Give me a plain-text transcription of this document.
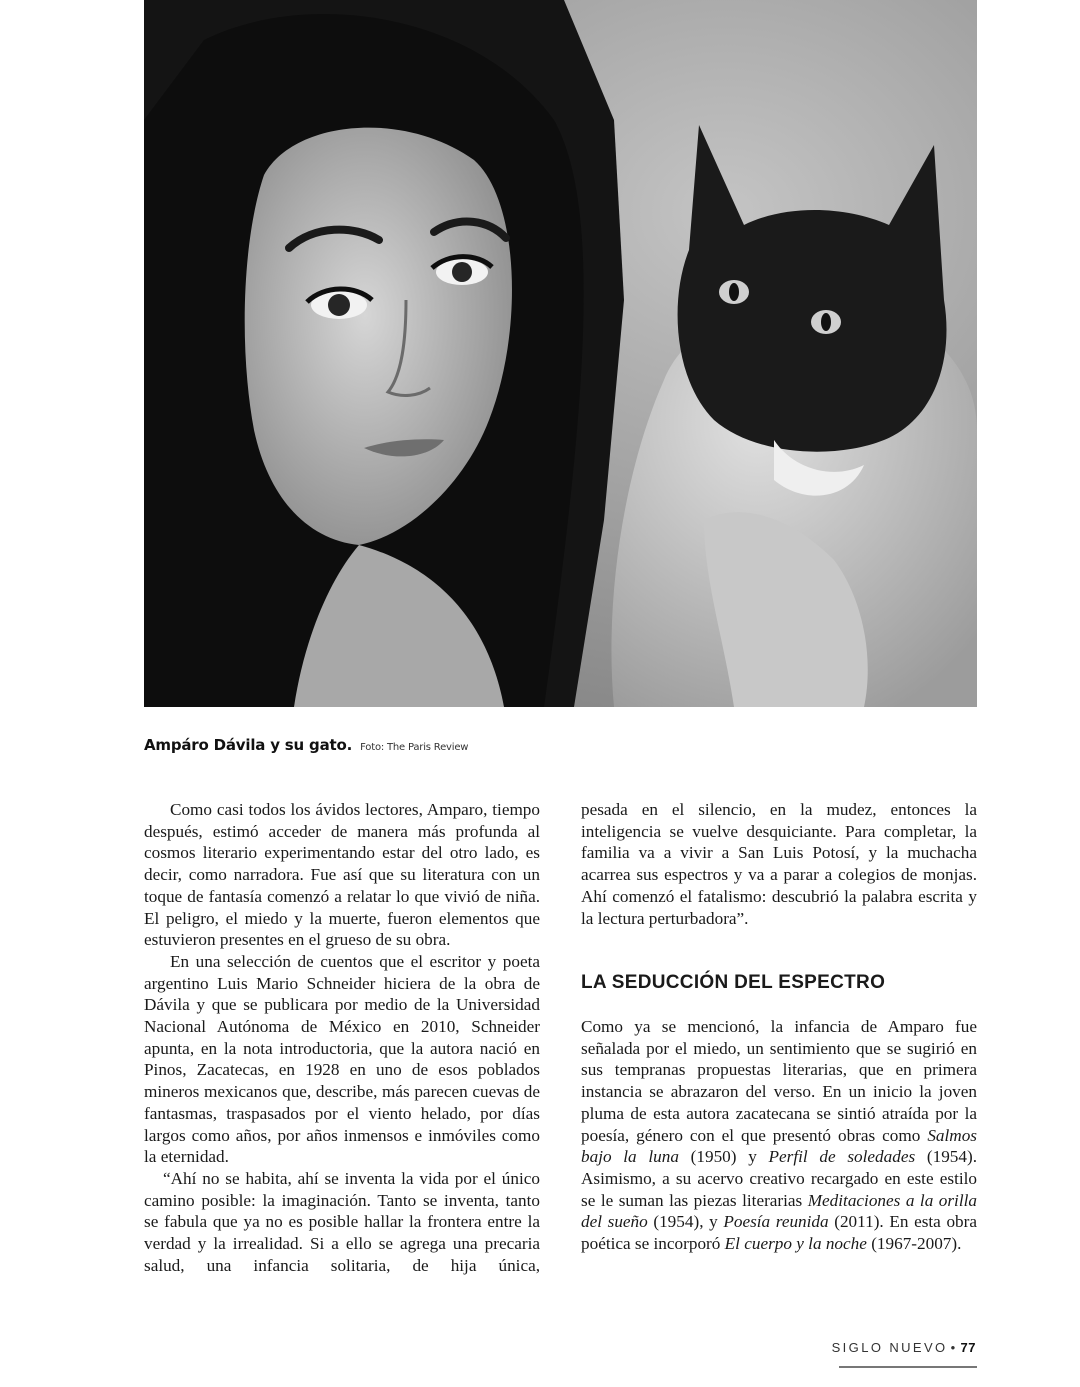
Ampáro Dávila y su gato. Foto: The Paris Review

Como casi todos los ávidos lectores, Amparo, tiempo después, estimó acceder de manera más profunda al cosmos literario experimentando estar del otro lado, es decir, como narradora. Fue así que su literatura con un toque de fantasía comenzó a relatar lo que vivió de niña. El peligro, el miedo y la muerte, fueron elementos que estuvieron presentes en el grueso de su obra.

En una selección de cuentos que el escritor y poeta argentino Luis Mario Schneider hiciera de la obra de Dávila y que se publicara por medio de la Universidad Nacional Autónoma de México en 2010, Schneider apunta, en la nota introductoria, que la autora nació en Pinos, Zacatecas, en 1928 en uno de esos poblados mineros mexicanos que, describe, más parecen cuevas de fantasmas, traspasados por el viento helado, por días largos como años, por años inmensos e inmóviles como la eternidad.

“Ahí no se habita, ahí se inventa la vida por el único camino posible: la imaginación. Tanto se inventa, tanto se fabula que ya no es posible hallar la frontera entre la verdad y la irrealidad. Si a ello se agrega una precaria salud, una infancia solitaria, de hija única,

pesada en el silencio, en la mudez, entonces la inteligencia se vuelve desquiciante. Para completar, la familia va a vivir a San Luis Potosí, y la muchacha acarrea sus espectros y va a parar a colegios de monjas. Ahí comenzó el fatalismo: descubrió la palabra escrita y la lectura perturbadora”.

LA SEDUCCIÓN DEL ESPECTRO

Como ya se mencionó, la infancia de Amparo fue señalada por el miedo, un sentimiento que se sugirió en sus tempranas propuestas literarias, que en primera instancia se abrazaron del verso. En un inicio la joven pluma de esta autora zacatecana se sintió atraída por la poesía, género con el que presentó obras como Salmos bajo la luna (1950) y Perfil de soledades (1954). Asimismo, a su acervo creativo recargado en este estilo se le suman las piezas literarias Meditaciones a la orilla del sueño (1954), y Poesía reunida (2011). En esta obra poética se incorporó El cuerpo y la noche (1967-2007).

SIGLO NUEVO • 77
